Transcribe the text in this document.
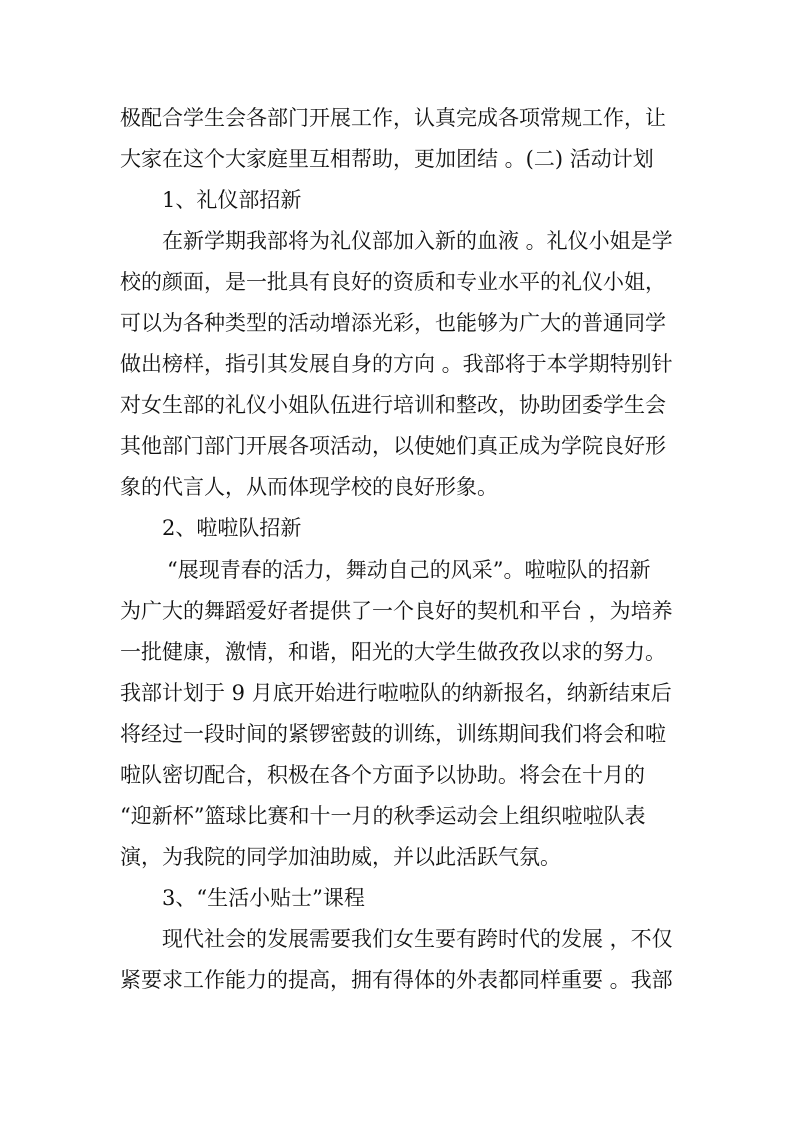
极配合学生会各部门开展工作，认真完成各项常规工作，让
大家在这个大家庭里互相帮助，更加团结 。(二) 活动计划
1、礼仪部招新
在新学期我部将为礼仪部加入新的血液 。礼仪小姐是学
校的颜面，是一批具有良好的资质和专业水平的礼仪小姐，
可以为各种类型的活动增添光彩，也能够为广大的普通同学
做出榜样，指引其发展自身的方向 。我部将于本学期特别针
对女生部的礼仪小姐队伍进行培训和整改，协助团委学生会
其他部门部门开展各项活动，以使她们真正成为学院良好形
象的代言人，从而体现学校的良好形象。
2、啦啦队招新
“展现青春的活力，舞动自己的风采”。啦啦队的招新
为广大的舞蹈爱好者提供了一个良好的契机和平台 ，为培养
一批健康，激情，和谐，阳光的大学生做孜孜以求的努力。
我部计划于 9 月底开始进行啦啦队的纳新报名，纳新结束后
将经过一段时间的紧锣密鼓的训练，训练期间我们将会和啦
啦队密切配合，积极在各个方面予以协助。将会在十月的
“迎新杯”篮球比赛和十一月的秋季运动会上组织啦啦队表
演，为我院的同学加油助威，并以此活跃气氛。
3、“生活小贴士”课程
现代社会的发展需要我们女生要有跨时代的发展 ，不仅
紧要求工作能力的提高，拥有得体的外表都同样重要 。我部
